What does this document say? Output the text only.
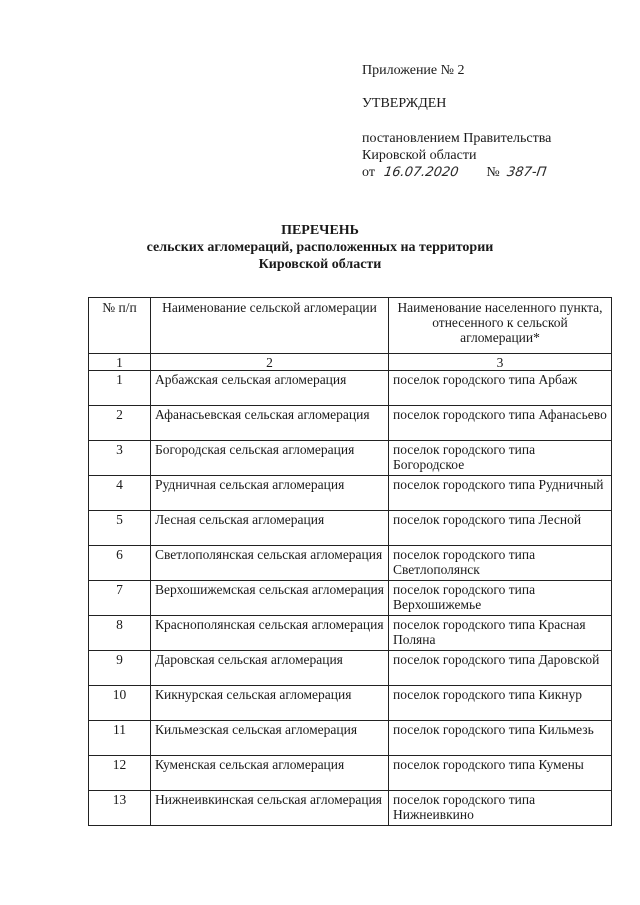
Приложение № 2
УТВЕРЖДЕН
постановлением Правительства
Кировской области
от 16.07.2020 № 387-П
ПЕРЕЧЕНЬ
сельских агломераций, расположенных на территории
Кировской области
№ п/п	Наименование сельской агломерации	Наименование населенного пункта, отнесенного к сельской агломерации*
1	2	3
1	Арбажская сельская агломерация	поселок городского типа Арбаж
2	Афанасьевская сельская агломерация	поселок городского типа Афанасьево
3	Богородская сельская агломерация	поселок городского типа Богородское
4	Рудничная сельская агломерация	поселок городского типа Рудничный
5	Лесная сельская агломерация	поселок городского типа Лесной
6	Светлополянская сельская агломерация	поселок городского типа Светлополянск
7	Верхошижемская сельская агломерация	поселок городского типа Верхошижемье
8	Краснополянская сельская агломерация	поселок городского типа Красная Поляна
9	Даровская сельская агломерация	поселок городского типа Даровской
10	Кикнурская сельская агломерация	поселок городского типа Кикнур
11	Кильмезская сельская агломерация	поселок городского типа Кильмезь
12	Куменская сельская агломерация	поселок городского типа Кумены
13	Нижнеивкинская сельская агломерация	поселок городского типа Нижнеивкино
